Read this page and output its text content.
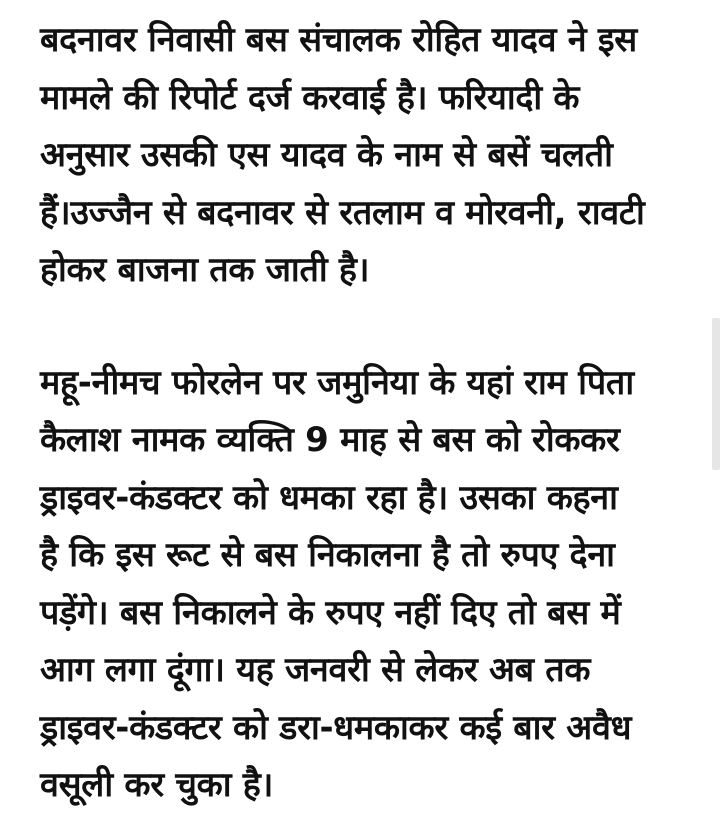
बदनावर निवासी बस संचालक रोहित यादव ने इस
मामले की रिपोर्ट दर्ज करवाई है। फरियादी के
अनुसार उसकी एस यादव के नाम से बसें चलती
हैं।उज्जैन से बदनावर से रतलाम व मोरवनी, रावटी
होकर बाजना तक जाती है।

महू-नीमच फोरलेन पर जमुनिया के यहां राम पिता
कैलाश नामक व्यक्ति 9 माह से बस को रोककर
ड्राइवर-कंडक्टर को धमका रहा है। उसका कहना
है कि इस रूट से बस निकालना है तो रुपए देना
पड़ेंगे। बस निकालने के रुपए नहीं दिए तो बस में
आग लगा दूंगा। यह जनवरी से लेकर अब तक
ड्राइवर-कंडक्टर को डरा-धमकाकर कई बार अवैध
वसूली कर चुका है।
